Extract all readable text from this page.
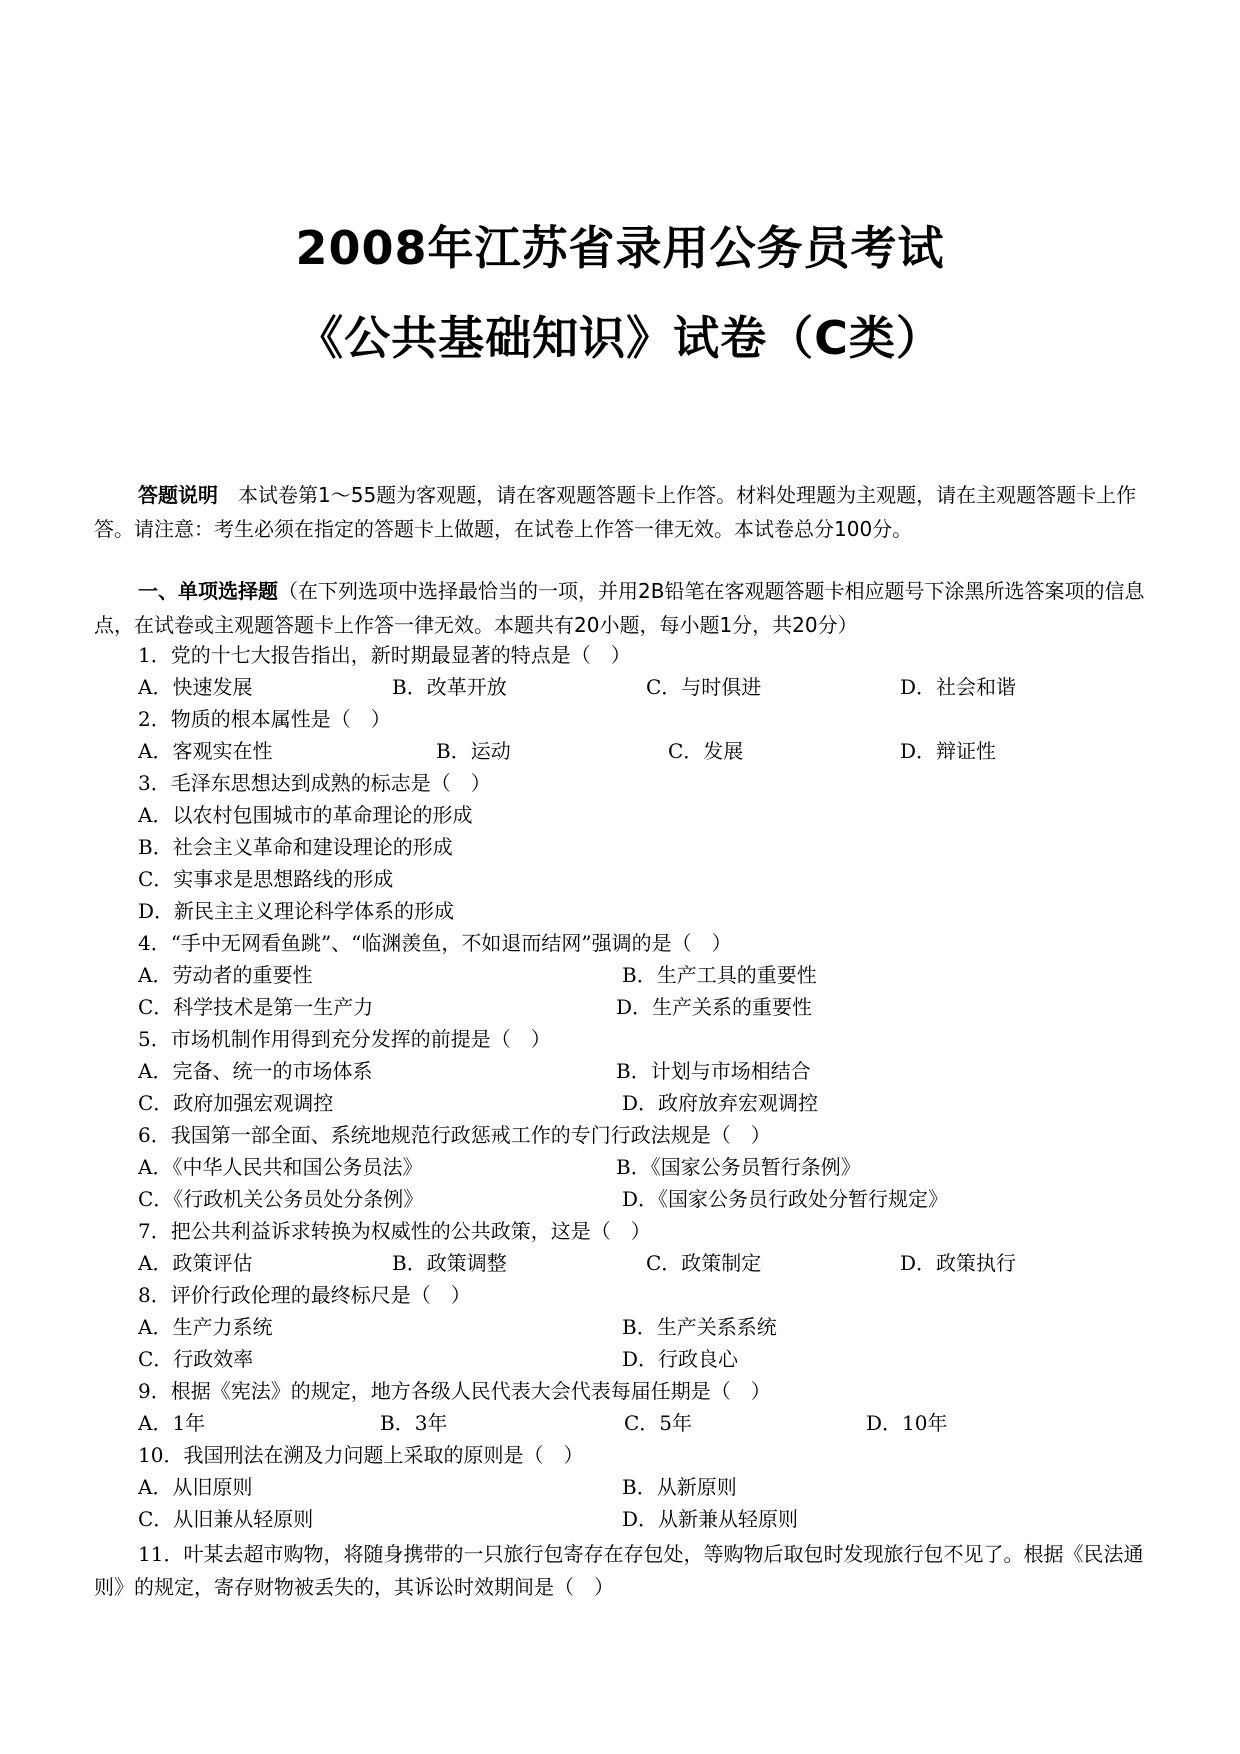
2008年江苏省录用公务员考试
《公共基础知识》试卷（C类）
答题说明　 本试卷第1～55题为客观题，请在客观题答题卡上作答。材料处理题为主观题，请在主观题答题卡上作答。请注意：考生必须在指定的答题卡上做题，在试卷上作答一律无效。本试卷总分100分。
一、单项选择题（在下列选项中选择最恰当的一项，并用2B铅笔在客观题答题卡相应题号下涂黑所选答案项的信息点，在试卷或主观题答题卡上作答一律无效。本题共有20小题，每小题1分，共20分）
1．党的十七大报告指出，新时期最显著的特点是（　）
A．快速发展	B．改革开放	C．与时俱进	D．社会和谐
2．物质的根本属性是（　）
A．客观实在性	B．运动	C．发展	D．辩证性
3．毛泽东思想达到成熟的标志是（　）
A．以农村包围城市的革命理论的形成
B．社会主义革命和建设理论的形成
C．实事求是思想路线的形成
D．新民主主义理论科学体系的形成
4．“手中无网看鱼跳”、“临渊羡鱼，不如退而结网”强调的是（　）
A．劳动者的重要性	B．生产工具的重要性
C．科学技术是第一生产力	D．生产关系的重要性
5．市场机制作用得到充分发挥的前提是（　）
A．完备、统一的市场体系	B．计划与市场相结合
C．政府加强宏观调控	D．政府放弃宏观调控
6．我国第一部全面、系统地规范行政惩戒工作的专门行政法规是（　）
A．《中华人民共和国公务员法》	B．《国家公务员暂行条例》
C．《行政机关公务员处分条例》	D．《国家公务员行政处分暂行规定》
7．把公共利益诉求转换为权威性的公共政策，这是（　）
A．政策评估	B．政策调整	C．政策制定	D．政策执行
8．评价行政伦理的最终标尺是（　）
A．生产力系统	B．生产关系系统
C．行政效率	D．行政良心
9．根据《宪法》的规定，地方各级人民代表大会代表每届任期是（　）
A．1年	B．3年	C．5年	D．10年
10．我国刑法在溯及力问题上采取的原则是（　）
A．从旧原则	B．从新原则
C．从旧兼从轻原则	D．从新兼从轻原则
11．叶某去超市购物，将随身携带的一只旅行包寄存在存包处，等购物后取包时发现旅行包不见了。根据《民法通则》的规定，寄存财物被丢失的，其诉讼时效期间是（　）
